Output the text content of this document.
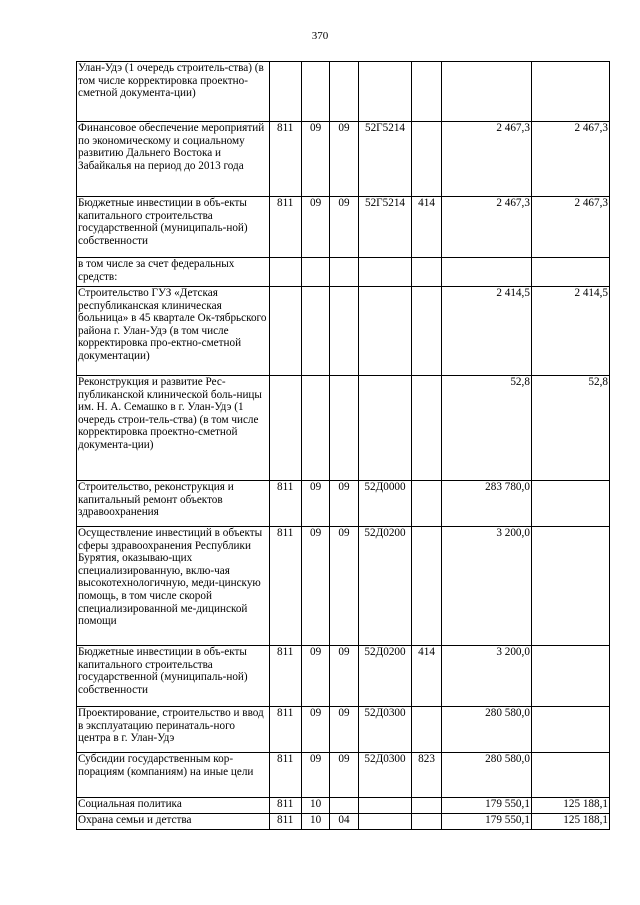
370
Улан-Удэ (1 очередь строитель-ства) (в том числе корректировка проектно-сметной документа-ции)							
Финансовое обеспечение мероприятий по экономическому и социальному развитию Дальнего Востока и Забайкалья на период до 2013 года	811	09	09	52Г5214		2 467,3	2 467,3
Бюджетные инвестиции в объ-екты капитального строительства государственной (муниципаль-ной) собственности	811	09	09	52Г5214	414	2 467,3	2 467,3
в том числе за счет федеральных средств:							
Строительство ГУЗ «Детская республиканская клиническая больница» в 45 квартале Ок-тябрьского района г. Улан-Удэ (в том числе корректировка про-ектно-сметной документации)						2 414,5	2 414,5
Реконструкция и развитие Рес-публиканской клинической боль-ницы им. Н. А. Семашко в г. Улан-Удэ (1 очередь строи-тель-ства) (в том числе корректировка проектно-сметной документа-ции)						52,8	52,8
Строительство, реконструкция и капитальный ремонт объектов здравоохранения	811	09	09	52Д0000		283 780,0	
Осуществление инвестиций в объекты сферы здравоохранения Республики Бурятия, оказываю-щих специализированную, вклю-чая высокотехнологичную, меди-цинскую помощь, в том числе скорой специализированной ме-дицинской помощи	811	09	09	52Д0200		3 200,0	
Бюджетные инвестиции в объ-екты капитального строительства государственной (муниципаль-ной) собственности	811	09	09	52Д0200	414	3 200,0	
Проектирование, строительство и ввод в эксплуатацию перинаталь-ного центра в г. Улан-Удэ	811	09	09	52Д0300		280 580,0	
Субсидии государственным кор-порациям (компаниям) на иные цели	811	09	09	52Д0300	823	280 580,0	
Социальная политика	811	10				179 550,1	125 188,1
Охрана семьи и детства	811	10	04			179 550,1	125 188,1
